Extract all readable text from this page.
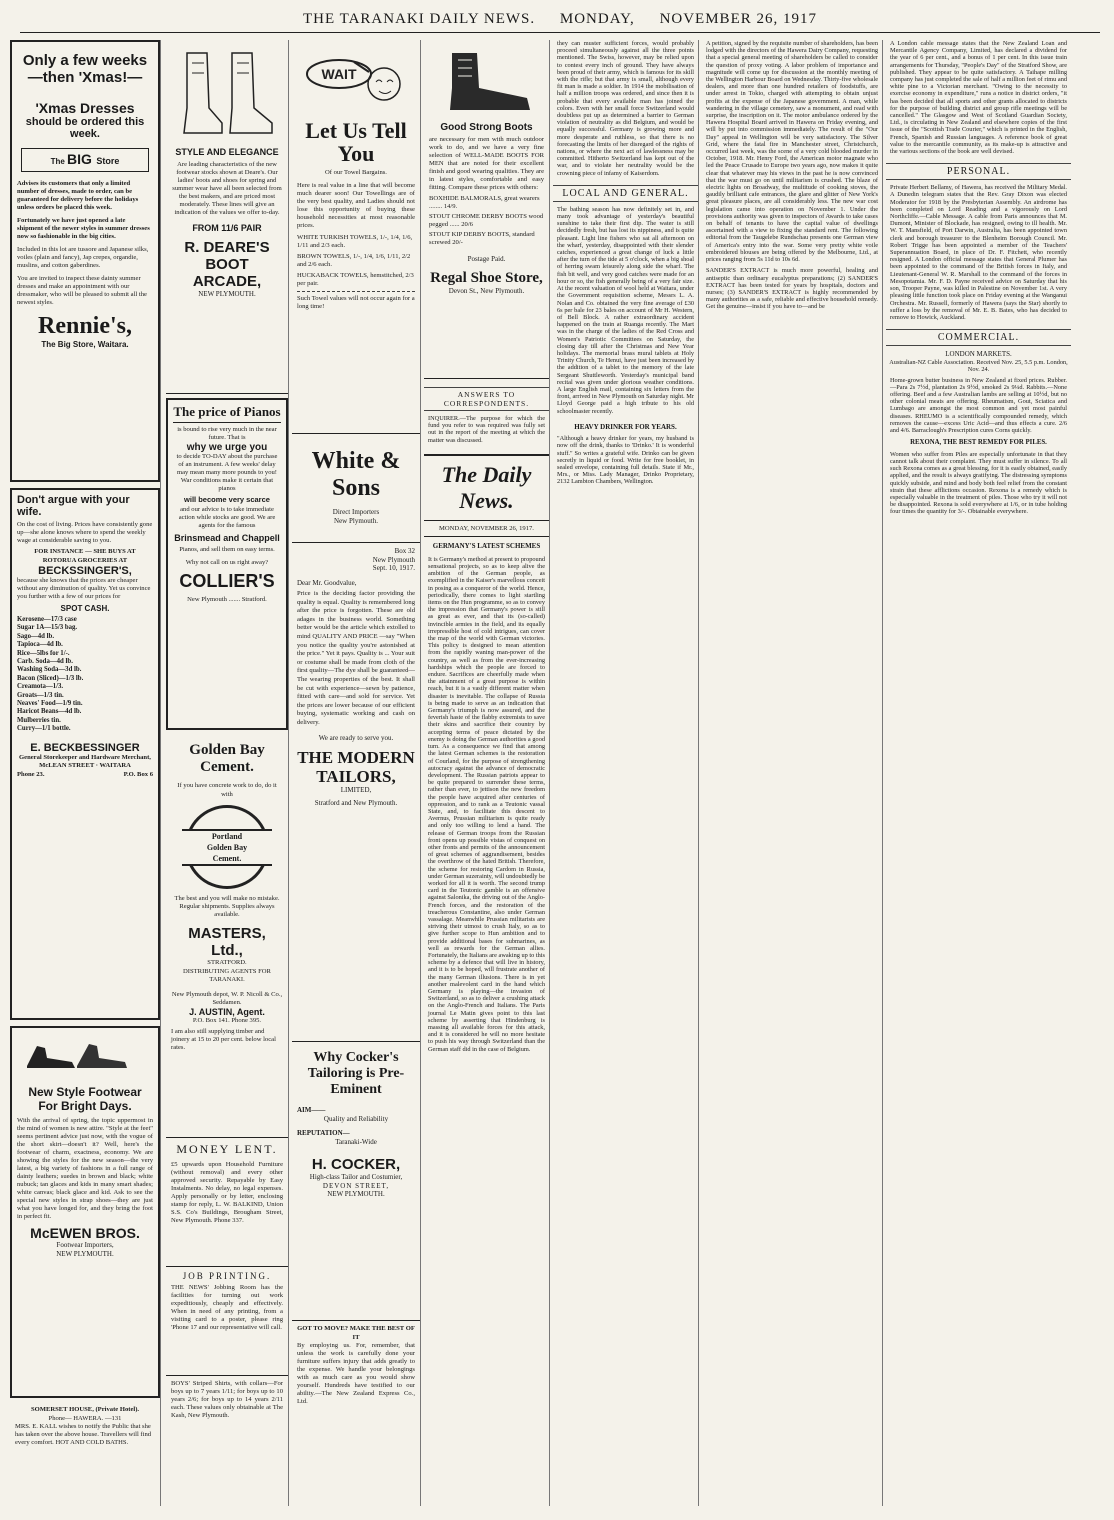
THE TARANAKI DAILY NEWS. MONDAY, NOVEMBER 26, 1917
Only a few weeks
—then 'Xmas!—
'Xmas Dresses
should be ordered this week.
The BIG Store
Advises its customers that only a limited number of dresses, made to order, can be guaranteed for delivery before the holidays unless orders be placed this week.
Fortunately we have just opened a late shipment of the newer styles in summer dresses now so fashionable in the big cities.
Included in this lot are tussore and Japanese silks, voiles (plain and fancy), Jap crepes, organdie, muslins, and cotton gaberdines.
You are invited to inspect these dainty summer dresses and make an appointment with our dressmaker, who will be pleased to submit all the newest styles.
Rennie's,
The Big Store, Waitara.
Don't argue with your wife.
On the cost of living. Prices have consistently gone up—she alone knows where to spend the weekly wage at considerable saving to you.
FOR INSTANCE — SHE BUYS AT ROTORUA GROCERIES AT
BECKSSINGER'S,
because she knows that the prices are cheaper without any diminution of quality. Yet us convince you further with a few of our prices for
SPOT CASH.
Kerosene—17/3 case
Sugar 1A—15/3 bag.
Sago—4d lb.
Tapioca—4d lb.
Rice—5lbs for 1/-.
Carb. Soda—4d lb.
Washing Soda—3d lb.
Bacon (Sliced)—1/3 lb.
Creamota—1/3.
Groats—1/3 tin.
Neaves' Food—1/9 tin.
Haricot Beans—4d lb.
Mulberries tin.
Curry—1/1 bottle.
E. BECKBESSINGER
General Storekeeper and Hardware Merchant,
McLEAN STREET · WAITARA
Phone 23.	P.O. Box 6
New Style Footwear For Bright Days.
With the arrival of spring, the topic uppermost in the mind of women is new attire. "Style at the feet" seems pertinent advice just now, with the vogue of the short skirt—doesn't it? Well, here's the footwear of charm, exactness, economy. We are showing the styles for the new season—the very latest, a big variety of fashions in a full range of dainty leathers; suedes in brown and black; white nubuck; tan glaces and kids in many smart shades; white canvas; black glace and kid. Ask to see the special new styles in strap shoes—they are just what you have longed for, and they bring the foot in perfect fit.
McEWEN BROS.
Footwear Importers,
NEW PLYMOUTH.
SOMERSET HOUSE, (Private Hotel).
Phone— HAWERA. —131
MRS. E. KALL wishes to notify the Public that she has taken over the above house. Travellers will find every comfort. HOT AND COLD BATHS.
STYLE AND ELEGANCE
Are leading characteristics of the new footwear stocks shown at Deare's. Our ladies' boots and shoes for spring and summer wear have all been selected from the best makers, and are priced most moderately. These lines will give an indication of the values we offer to-day.
FROM 11/6 PAIR
R. DEARE'S BOOT ARCADE,
NEW PLYMOUTH.
The price of Pianos
is bound to rise very much in the near future. That is
why we urge you
to decide TO-DAY about the purchase of an instrument. A few weeks' delay may mean many more pounds to you! War conditions make it certain that pianos
will become very scarce
and our advice is to take immediate action while stocks are good. We are agents for the famous
Brinsmead and Chappell
Pianos, and sell them on easy terms.
Why not call on us right away?
COLLIER'S
New Plymouth ....... Stratford.
Golden Bay Cement.
If you have concrete work to do, do it with
Portland
Golden Bay
Cement.
The best and you will make no mistake. Regular shipments. Supplies always available.
MASTERS, Ltd.,
STRATFORD.
DISTRIBUTING AGENTS FOR TARANAKI.
New Plymouth depot, W. P. Nicoll & Co., Seddamen.
J. AUSTIN, Agent.
P.O. Box 141. Phone 395.
I am also still supplying timber and joinery at 15 to 20 per cent. below local rates.
MONEY LENT.
£5 upwards upon Household Furniture (without removal) and every other approved security. Repayable by Easy Instalments. No delay, no legal expenses. Apply personally or by letter, enclosing stamp for reply, L. W. BALKIND, Union S.S. Co's Buildings, Brougham Street, New Plymouth. Phone 337.
JOB PRINTING.
THE NEWS' Jobbing Room has the facilities for turning out work expeditiously, cheaply and effectively. When in need of any printing, from a visiting card to a poster, please ring 'Phone 17 and our representative will call.
BOYS' Striped Shirts, with collars—For boys up to 7 years 1/11; for boys up to 10 years 2/6; for boys up to 14 years 2/11 each. These values only obtainable at The Kash, New Plymouth.
WAIT
Let Us Tell You
Of our Towel Bargains.
Here is real value in a line that will become much dearer soon! Our Towellings are of the very best quality, and Ladies should not lose this opportunity of buying these household necessities at most reasonable prices.
WHITE TURKISH TOWELS, 1/-, 1/4, 1/6, 1/11 and 2/3 each.
BROWN TOWELS, 1/-, 1/4, 1/6, 1/11, 2/2 and 2/6 each.
HUCKABACK TOWELS, hemstitched, 2/3 per pair.
Such Towel values will not occur again for a long time!
White & Sons
Direct Importers
New Plymouth.
Box 32
New Plymouth
Sept. 10, 1917.
Dear Mr. Goodvalue,
Price is the deciding factor providing the quality is equal. Quality is remembered long after the price is forgotten. These are old adages in the business world. Something better would be the article which extolled to mind QUALITY AND PRICE —say "When you notice the quality you're astonished at the price." Yet it pays. Quality is ... Your suit or costume shall be made from cloth of the first quality—The dye shall be guaranteed—The wearing properties of the best. It shall be cut with experience—sewn by patience, fitted with care—and sold for service. Yet the prices are lower because of our efficient buying, systematic working and cash on delivery.
We are ready to serve you.
THE MODERN TAILORS,
LIMITED,
Stratford and New Plymouth.
Why Cocker's Tailoring is Pre-Eminent
AIM——
Quality and Reliability
REPUTATION—
Taranaki-Wide
H. COCKER,
High-class Tailor and Costumier,
DEVON STREET,
NEW PLYMOUTH.
GOT TO MOVE? MAKE THE BEST OF IT
By employing us. For, remember, that unless the work is carefully done your furniture suffers injury that adds greatly to the expense. We handle your belongings with as much care as you would show yourself. Hundreds have testified to our ability.—The New Zealand Express Co., Ltd.
Good Strong Boots
are necessary for men with much outdoor work to do, and we have a very fine selection of WELL-MADE BOOTS FOR MEN that are noted for their excellent finish and good wearing qualities. They are in latest styles, comfortable and easy fitting. Compare these prices with others:
BOXHIDE BALMORALS, great wearers ........ 14/9.
STOUT CHROME DERBY BOOTS wood pegged ...... 20/6
STOUT KIP DERBY BOOTS, standard screwed 20/-
Postage Paid.
Regal Shoe Store,
Devon St., New Plymouth.
ANSWERS TO CORRESPONDENTS.
INQUIRER.—The purpose for which the fund you refer to was required was fully set out in the report of the meeting at which the matter was discussed.
The Daily News.
MONDAY, NOVEMBER 26, 1917.
GERMANY'S LATEST SCHEMES
It is Germany's method at present to propound sensational projects, so as to keep alive the ambition of the German people, as exemplified in the Kaiser's marvellous conceit in posing as a conqueror of the world. Hence, periodically, there comes to light startling items on the Hun programme, so as to convey the impression that Germany's power is still as great as ever, and that its (so-called) invincible armies in the field, and its equally irrepressible host of cold intrigues, can cover the map of the world with German victories. This policy is designed to mean attention from the rapidly waning man-power of the country, as well as from the ever-increasing hardships which the people are forced to endure. Sacrifices are cheerfully made when the attainment of a great purpose is within reach, but it is a vastly different matter when disaster is inevitable. The collapse of Russia is being made to serve as an indication that Germany's triumph is now assured, and the feverish haste of the flabby extremists to save their skins and sacrifice their country by accepting terms of peace dictated by the enemy is doing the German authorities a good turn. As a consequence we find that among the latest German schemes is the restoration of Courland, for the purpose of strengthening autocracy against the advance of democratic development. The Russian patriots appear to be quite prepared to surrender these terms, rather than ever, to jettison the new freedom the people have acquired after centuries of oppression, and to rank as a Teutonic vassal State, and, to facilitate this descent to Avernus, Prussian militarism is quite ready and only too willing to lend a hand. The release of German troops from the Russian front opens up possible vistas of conquest on other fronts and permits of the announcement of great schemes of aggrandisement, besides the overthrow of the hated British. Therefore, the scheme for restoring Cardom in Russia, under German suzerainty, will undoubtedly be worked for all it is worth. The second trump card in the Teutonic gamble is an offensive against Salonika, the driving out of the Anglo-French forces, and the restoration of the treacherous Constantine, also under German vassalage. Meanwhile Prussian militarists are striving their utmost to crush Italy, so as to give further scope to Hun ambition and to provide additional bases for submarines, as well as rewards for the German allies. Fortunately, the Italians are awaking up to this scheme by a defence that will live in history, and it is to be hoped, will frustrate another of the many German illusions. There is in yet another malevolent card in the hand which Germany is playing—the invasion of Switzerland, so as to deliver a crushing attack on the Anglo-French and Italians. The Paris journal Le Matin gives point to this last scheme by asserting that Hindenburg is massing all available forces for this attack, and it is considered he will no more hesitate to push his way through Switzerland than the German staff did in the case of Belgium.
they can muster sufficient forces, would probably proceed simultaneously against all the three points mentioned. The Swiss, however, may be relied upon to contest every inch of ground. They have always been proud of their army, which is famous for its skill with the rifle; but that army is small, although every fit man is made a soldier. In 1914 the mobilisation of half a million troops was ordered, and since then it is probable that every available man has joined the colors. Even with her small force Switzerland would doubtless put up as determined a barrier to German violation of neutrality as did Belgium, and would be equally successful. Germany is growing more and more desperate and ruthless, so that there is no forecasting the limits of her disregard of the rights of nations, or where the next act of lawlessness may be committed. Hitherto Switzerland has kept out of the war, and to violate her neutrality would be the crowning piece of infamy of Kaiserdom.
LOCAL AND GENERAL.
The bathing season has now definitely set in, and many took advantage of yesterday's beautiful sunshine to take their first dip. The water is still decidedly fresh, but has lost its nippiness, and is quite pleasant. Light line fishers who sat all afternoon on the wharf, yesterday, disappointed with their slender catches, experienced a great change of luck a little after the turn of the tide at 5 o'clock, when a big shoal of herring swam leisurely along side the wharf. The fish bit well, and very good catches were made for an hour or so, the fish generally being of a very fair size. At the recent valuation of wool held at Waitara, under the Government requisition scheme, Messrs L. A. Nolan and Co. obtained the very fine average of £30 6s per bale for 23 bales on account of Mr H. Western, of Bell Block. A rather extraordinary accident happened on the train at Ruanga recently. The Mart was in the charge of the ladies of the Red Cross and Women's Patriotic Committees on Saturday, the closing day till after the Christmas and New Year holidays. The memorial brass mural tablets at Holy Trinity Church, Te Henui, have just been increased by the addition of a tablet to the memory of the late Sergeant Shuttleworth. Yesterday's municipal band recital was given under glorious weather conditions. A large English mail, containing six letters from the front, arrived in New Plymouth on Saturday night. Mr Lloyd George paid a high tribute to his old schoolmaster recently.
HEAVY DRINKER FOR YEARS.
"Although a heavy drinker for years, my husband is now off the drink, thanks to 'Drinko.' It is wonderful stuff." So writes a grateful wife. Drinko can be given secretly in liquid or food. Write for free booklet, in sealed envelope, containing full details. State if Mr., Mrs., or Miss. Lady Manager, Drinko Proprietary, 2132 Lambton Chambers, Wellington.
A petition, signed by the requisite number of shareholders, has been lodged with the directors of the Hawera Dairy Company, requesting that a special general meeting of shareholders be called to consider the question of proxy voting. A labor problem of importance and magnitude will come up for discussion at the monthly meeting of the Wellington Harbour Board on Wednesday. Thirty-five wholesale dealers, and more than one hundred retailers of foodstuffs, are under arrest in Tokio, charged with attempting to obtain unjust profits at the expense of the Japanese government. A man, while wandering in the village cemetery, saw a monument, and read with surprise, the inscription on it. The motor ambulance ordered by the Hawera Hospital Board arrived in Hawera on Friday evening, and will by put into commission immediately. The result of the "Our Day" appeal in Wellington will be very satisfactory. The Silver Grid, where the fatal fire in Manchester street, Christchurch, occurred last week, was the scene of a very cold blooded murder in October, 1918. Mr. Henry Ford, the American motor magnate who led the Peace Crusade to Europe two years ago, now makes it quite clear that whatever may his views in the past he is now convinced that the war must go on until militarism is crushed. The blaze of electric lights on Broadway, the multitude of cooking stoves, the gaudily brilliant cafe entrances, the glare and glitter of New York's great pleasure places, are all considerably less. The new war cost legislation came into operation on November 1. Under the provisions authority was given to inspectors of Awards to take cases on behalf of tenants to have the capital value of dwellings ascertained with a view to fixing the standard rent. The following editorial from the Taugelebe Rundschau presents one German view of America's entry into the war. Some very pretty white voile embroidered blouses are being offered by the Melbourne, Ltd., at prices ranging from 5s 11d to 10s 6d.
SANDER'S EXTRACT is much more powerful, healing and antiseptic than ordinary eucalyptus preparations; (2) SANDER'S EXTRACT has been tested for years by hospitals, doctors and nurses; (3) SANDER'S EXTRACT is highly recommended by many authorities as a safe, reliable and effective household remedy. Get the genuine—insist if you have to—and be
A London cable message states that the New Zealand Loan and Mercantile Agency Company, Limited, has declared a dividend for the year of 6 per cent., and a bonus of 1 per cent. In this issue train arrangements for Thursday, "People's Day" of the Stratford Show, are published. They appear to be quite satisfactory. A Taihape milling company has just completed the sale of half a million feet of rimu and white pine to a Victorian merchant. "Owing to the necessity to exercise economy in expenditure," runs a notice in district orders, "it has been decided that all sports and other grants allocated to districts for the purpose of building district and group rifle meetings will be cancelled." The Glasgow and West of Scotland Guardian Society, Ltd., is circulating in New Zealand and elsewhere copies of the first issue of the "Scottish Trade Courier," which is printed in the English, French, Spanish and Russian languages. A reference book of great value to the mercantile community, as its make-up is attractive and the various sections of the book are well devised.
PERSONAL.
Private Herbert Bellamy, of Hawera, has received the Military Medal. A Dunedin telegram states that the Rev. Gray Dixon was elected Moderator for 1918 by the Presbyterian Assembly. An airdrome has been completed on Lord Reading and a vigorously on Lord Northcliffe.—Cable Message. A cable from Paris announces that M. Dumont, Minister of Blockade, has resigned, owing to ill health. Mr. W. T. Mansfield, of Port Darwin, Australia, has been appointed town clerk and borough treasurer to the Blenheim Borough Council. Mr. Robert Trigge has been appointed a member of the Teachers' Superannuation Board, in place of Dr. F. Fitchett, who recently resigned. A London official message states that General Plumer has been appointed to the command of the British forces in Italy, and Lieutenant-General W. R. Marshall to the command of the forces in Mesopotamia. Mr. F. D. Payne received advice on Saturday that his son, Trooper Payne, was killed in Palestine on November 1st. A very pleasing little function took place on Friday evening at the Wanganui Orchestra. Mr. Russell, formerly of Hawera (says the Star) shortly to suffer a loss by the removal of Mr. E. B. Bates, who has decided to remove to Howick, Auckland.
COMMERCIAL.
LONDON MARKETS.
Australian-NZ Cable Association. Received Nov. 25, 5.5 p.m. London, Nov. 24.
Home-grown butter business in New Zealand at fixed prices. Rubber.—Para 2s 7½d, plantation 2s 9½d, smoked 2s 9¼d. Rabbits.—None offering. Beef and a few Australian lambs are selling at 10½d, but no other colonial meats are offering. Rheumatism, Gout, Sciatica and Lumbago are amongst the most common and yet most painful diseases. RHEUMO is a scientifically compounded remedy, which removes the cause—excess Uric Acid—and thus effects a cure. 2/6 and 4/6. Barraclough's Prescription cures Corns quickly.
REXONA, THE BEST REMEDY FOR PILES.
Women who suffer from Piles are especially unfortunate in that they cannot talk about their complaint. They must suffer in silence. To all such Rexona comes as a great blessing, for it is easily obtained, easily applied, and the result is always gratifying. The distressing symptoms quickly subside, and mind and body both feel relief from the constant strain that these afflictions occasion. Rexona is a remedy which is especially valuable in the treatment of piles. Those who try it will not be disappointed. Rexona is sold everywhere at 1/6, or in tube holding four times the quantity for 3/-. Obtainable everywhere.
